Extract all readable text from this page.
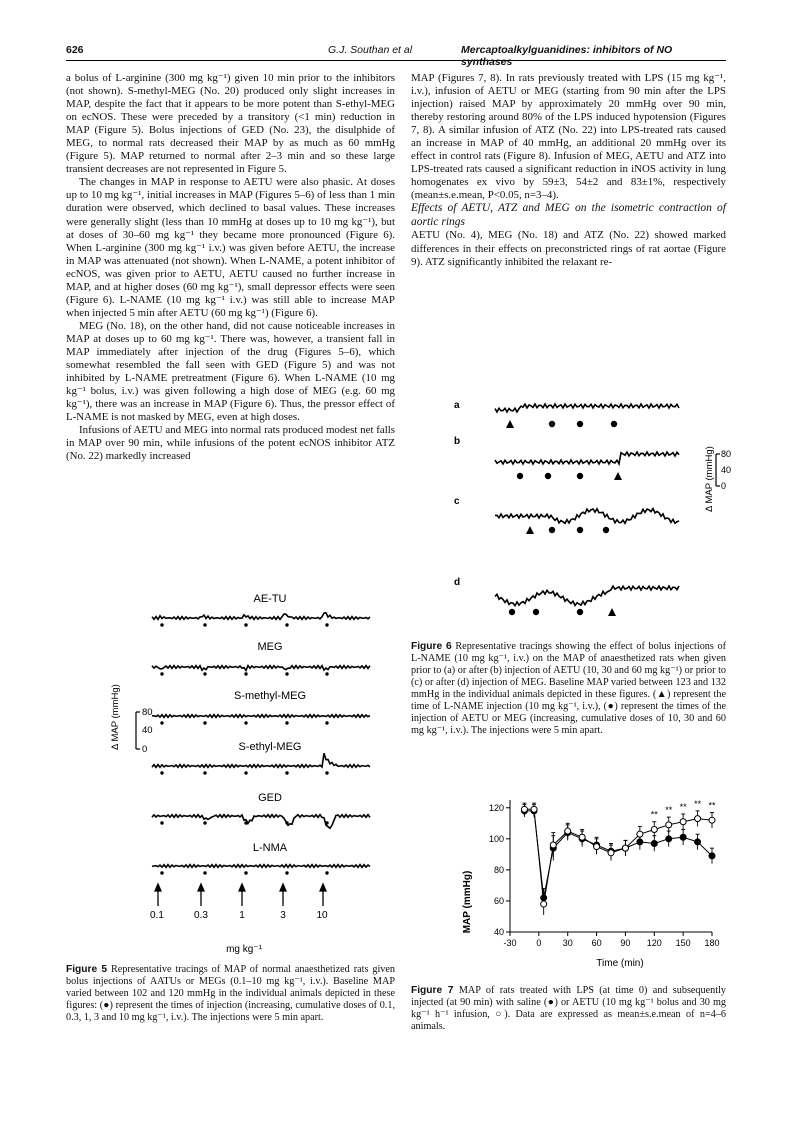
626	G.J. Southan et al	Mercaptoalkylguanidines: inhibitors of NO synthases

a bolus of L-arginine (300 mg kg⁻¹) given 10 min prior to the inhibitors (not shown). S-methyl-MEG (No. 20) produced only slight increases in MAP, despite the fact that it appears to be more potent than S-ethyl-MEG on ecNOS. These were preceded by a transitory (<1 min) reduction in MAP (Figure 5). Bolus injections of GED (No. 23), the disulphide of MEG, to normal rats decreased their MAP by as much as 60 mmHg (Figure 5). MAP returned to normal after 2–3 min and so these large transient decreases are not represented in Figure 5.

The changes in MAP in response to AETU were also phasic. At doses up to 10 mg kg⁻¹, initial increases in MAP (Figures 5–6) of less than 1 min duration were observed, which declined to basal values. These increases were generally slight (less than 10 mmHg at doses up to 10 mg kg⁻¹), but at doses of 30–60 mg kg⁻¹ they became more pronounced (Figure 6). When L-arginine (300 mg kg⁻¹ i.v.) was given before AETU, the increase in MAP was attenuated (not shown). When L-NAME, a potent inhibitor of ecNOS, was given prior to AETU, AETU caused no further increase in MAP, and at higher doses (60 mg kg⁻¹), small depressor effects were seen (Figure 6). L-NAME (10 mg kg⁻¹ i.v.) was still able to increase MAP when injected 5 min after AETU (60 mg kg⁻¹) (Figure 6).

MEG (No. 18), on the other hand, did not cause noticeable increases in MAP at doses up to 60 mg kg⁻¹. There was, however, a transient fall in MAP immediately after injection of the drug (Figures 5–6), which somewhat resembled the fall seen with GED (Figure 5) and was not inhibited by L-NAME pretreatment (Figure 6). When L-NAME (10 mg kg⁻¹ bolus, i.v.) was given following a high dose of MEG (e.g. 60 mg kg⁻¹), there was an increase in MAP (Figure 6). Thus, the pressor effect of L-NAME is not masked by MEG, even at high doses.

Infusions of AETU and MEG into normal rats produced modest net falls in MAP over 90 min, while infusions of the potent ecNOS inhibitor ATZ (No. 22) markedly increased

MAP (Figures 7, 8). In rats previously treated with LPS (15 mg kg⁻¹, i.v.), infusion of AETU or MEG (starting from 90 min after the LPS injection) raised MAP by approximately 20 mmHg over 90 min, thereby restoring around 80% of the LPS induced hypotension (Figures 7, 8). A similar infusion of ATZ (No. 22) into LPS-treated rats caused an increase in MAP of 40 mmHg, an additional 20 mmHg over its effect in control rats (Figure 8). Infusion of MEG, AETU and ATZ into LPS-treated rats caused a significant reduction in iNOS activity in lung homogenates ex vivo by 59±3, 54±2 and 83±1%, respectively (mean±s.e.mean, P<0.05, n=3–4).

Effects of AETU, ATZ and MEG on the isometric contraction of aortic rings

AETU (No. 4), MEG (No. 18) and ATZ (No. 22) showed marked differences in their effects on preconstricted rings of rat aortae (Figure 9). ATZ significantly inhibited the relaxant re-

AE-TU
MEG
S-methyl-MEG
S-ethyl-MEG
GED
L-NMA
Δ MAP (mmHg) 80
40
0
0.1	0.3	1	3	10
mg kg⁻¹
Figure 5 Representative tracings of MAP of normal anaesthetized rats given bolus injections of AATUs or MEGs (0.1–10 mg kg⁻¹, i.v.). Baseline MAP varied between 102 and 120 mmHg in the individual animals depicted in these figures: (●) represent the times of injection (increasing, cumulative doses of 0.1, 0.3, 1, 3 and 10 mg kg⁻¹, i.v.). The injections were 5 min apart.
a
b
c
d
Δ MAP (mmHg) 80
40
0
Figure 6 Representative tracings showing the effect of bolus injections of L-NAME (10 mg kg⁻¹, i.v.) on the MAP of anaesthetized rats when given prior to (a) or after (b) injection of AETU (10, 30 and 60 mg kg⁻¹) or prior to (c) or after (d) injection of MEG. Baseline MAP varied between 123 and 132 mmHg in the individual animals depicted in these figures. (▲) represent the time of L-NAME injection (10 mg kg⁻¹, i.v.), (●) represent the times of the injection of AETU or MEG (increasing, cumulative doses of 10, 30 and 60 mg kg⁻¹, i.v.). The injections were 5 min apart.
40
60
80
100
120
-30 0 30 60 90 120 150 180
** ** ** ** **
MAP (mmHg)
Time (min)
Figure 7 MAP of rats treated with LPS (at time 0) and subsequently injected (at 90 min) with saline (●) or AETU (10 mg kg⁻¹ bolus and 30 mg kg⁻¹ h⁻¹ infusion, ○). Data are expressed as mean±s.e.mean of n=4–6 animals.
